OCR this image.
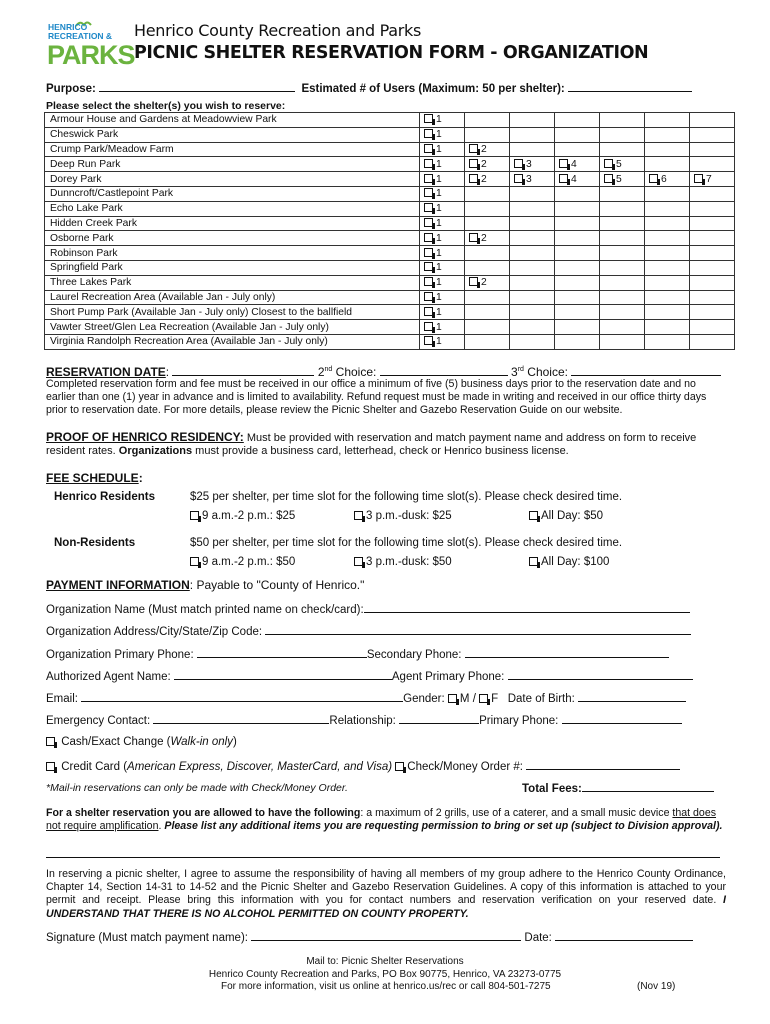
HENRICO
RECREATION &
PARKS
Henrico County Recreation and Parks
PICNIC SHELTER RESERVATION FORM - ORGANIZATION
Purpose:	Estimated # of Users (Maximum: 50 per shelter):
Please select the shelter(s) you wish to reserve:
Armour House and Gardens at Meadowview Park	1						
Cheswick Park	1						
Crump Park/Meadow Farm	1	2					
Deep Run Park	1	2	3	4	5		
Dorey Park	1	2	3	4	5	6	7
Dunncroft/Castlepoint Park	1						
Echo Lake Park	1						
Hidden Creek Park	1						
Osborne Park	1	2					
Robinson Park	1						
Springfield Park	1						
Three Lakes Park	1	2					
Laurel Recreation Area (Available Jan - July only)	1						
Short Pump Park (Available Jan - July only) Closest to the ballfield	1						
Vawter Street/Glen Lea Recreation (Available Jan - July only)	1						
Virginia Randolph Recreation Area (Available Jan - July only)	1						
RESERVATION DATE:	2nd Choice:	3rd Choice:
Completed reservation form and fee must be received in our office a minimum of five (5) business days prior to the reservation date and no earlier than one (1) year in advance and is limited to availability. Refund request must be made in writing and received in our office thirty days prior to reservation date. For more details, please review the Picnic Shelter and Gazebo Reservation Guide on our website.
PROOF OF HENRICO RESIDENCY: Must be provided with reservation and match payment name and address on form to receive resident rates. Organizations must provide a business card, letterhead, check or Henrico business license.
FEE SCHEDULE:
Henrico Residents	$25 per shelter, per time slot for the following time slot(s). Please check desired time.
9 a.m.-2 p.m.: $25	3 p.m.-dusk: $25	All Day: $50
Non-Residents	$50 per shelter, per time slot for the following time slot(s). Please check desired time.
9 a.m.-2 p.m.: $50	3 p.m.-dusk: $50	All Day: $100
PAYMENT INFORMATION: Payable to "County of Henrico."
Organization Name (Must match printed name on check/card):
Organization Address/City/State/Zip Code:
Organization Primary Phone:	Secondary Phone:
Authorized Agent Name:	Agent Primary Phone:
Email:	Gender: M / F Date of Birth:
Emergency Contact:	Relationship:	Primary Phone:
Cash/Exact Change (Walk-in only)
Credit Card (American Express, Discover, MasterCard, and Visa) Check/Money Order #:
*Mail-in reservations can only be made with Check/Money Order.	Total Fees:
For a shelter reservation you are allowed to have the following: a maximum of 2 grills, use of a caterer, and a small music device that does not require amplification. Please list any additional items you are requesting permission to bring or set up (subject to Division approval).
In reserving a picnic shelter, I agree to assume the responsibility of having all members of my group adhere to the Henrico County Ordinance, Chapter 14, Section 14-31 to 14-52 and the Picnic Shelter and Gazebo Reservation Guidelines. A copy of this information is attached to your permit and receipt. Please bring this information with you for contact numbers and reservation verification on your reserved date. I UNDERSTAND THAT THERE IS NO ALCOHOL PERMITTED ON COUNTY PROPERTY.
Signature (Must match payment name):	Date:
Mail to: Picnic Shelter Reservations
Henrico County Recreation and Parks, PO Box 90775, Henrico, VA 23273-0775
For more information, visit us online at henrico.us/rec or call 804-501-7275	(Nov 19)
